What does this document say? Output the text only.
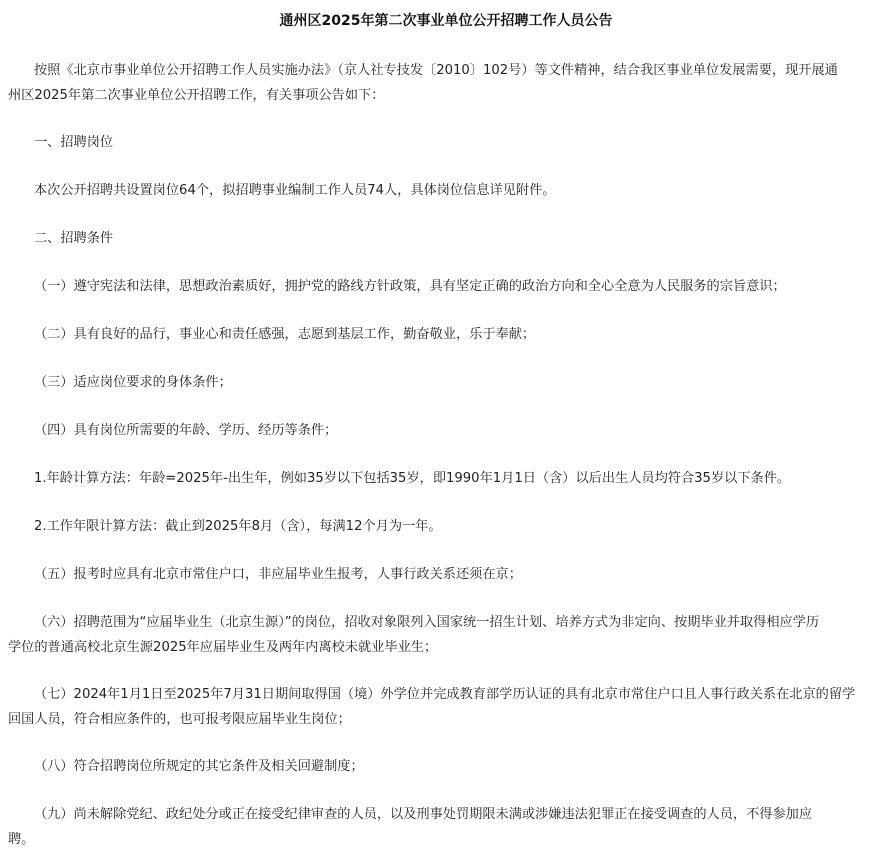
通州区2025年第二次事业单位公开招聘工作人员公告

按照《北京市事业单位公开招聘工作人员实施办法》（京人社专技发〔2010〕102号）等文件精神，结合我区事业单位发展需要，现开展通
州区2025年第二次事业单位公开招聘工作，有关事项公告如下：

一、招聘岗位

本次公开招聘共设置岗位64个，拟招聘事业编制工作人员74人，具体岗位信息详见附件。

二、招聘条件

（一）遵守宪法和法律，思想政治素质好，拥护党的路线方针政策，具有坚定正确的政治方向和全心全意为人民服务的宗旨意识；

（二）具有良好的品行，事业心和责任感强，志愿到基层工作，勤奋敬业，乐于奉献；

（三）适应岗位要求的身体条件；

（四）具有岗位所需要的年龄、学历、经历等条件；

1.年龄计算方法：年龄=2025年-出生年，例如35岁以下包括35岁，即1990年1月1日（含）以后出生人员均符合35岁以下条件。

2.工作年限计算方法：截止到2025年8月（含），每满12个月为一年。

（五）报考时应具有北京市常住户口，非应届毕业生报考，人事行政关系还须在京；

（六）招聘范围为“应届毕业生（北京生源）”的岗位，招收对象限列入国家统一招生计划、培养方式为非定向、按期毕业并取得相应学历
学位的普通高校北京生源2025年应届毕业生及两年内离校未就业毕业生；

（七）2024年1月1日至2025年7月31日期间取得国（境）外学位并完成教育部学历认证的具有北京市常住户口且人事行政关系在北京的留学
回国人员，符合相应条件的，也可报考限应届毕业生岗位；

（八）符合招聘岗位所规定的其它条件及相关回避制度；

（九）尚未解除党纪、政纪处分或正在接受纪律审查的人员，以及刑事处罚期限未满或涉嫌违法犯罪正在接受调查的人员，不得参加应
聘。
